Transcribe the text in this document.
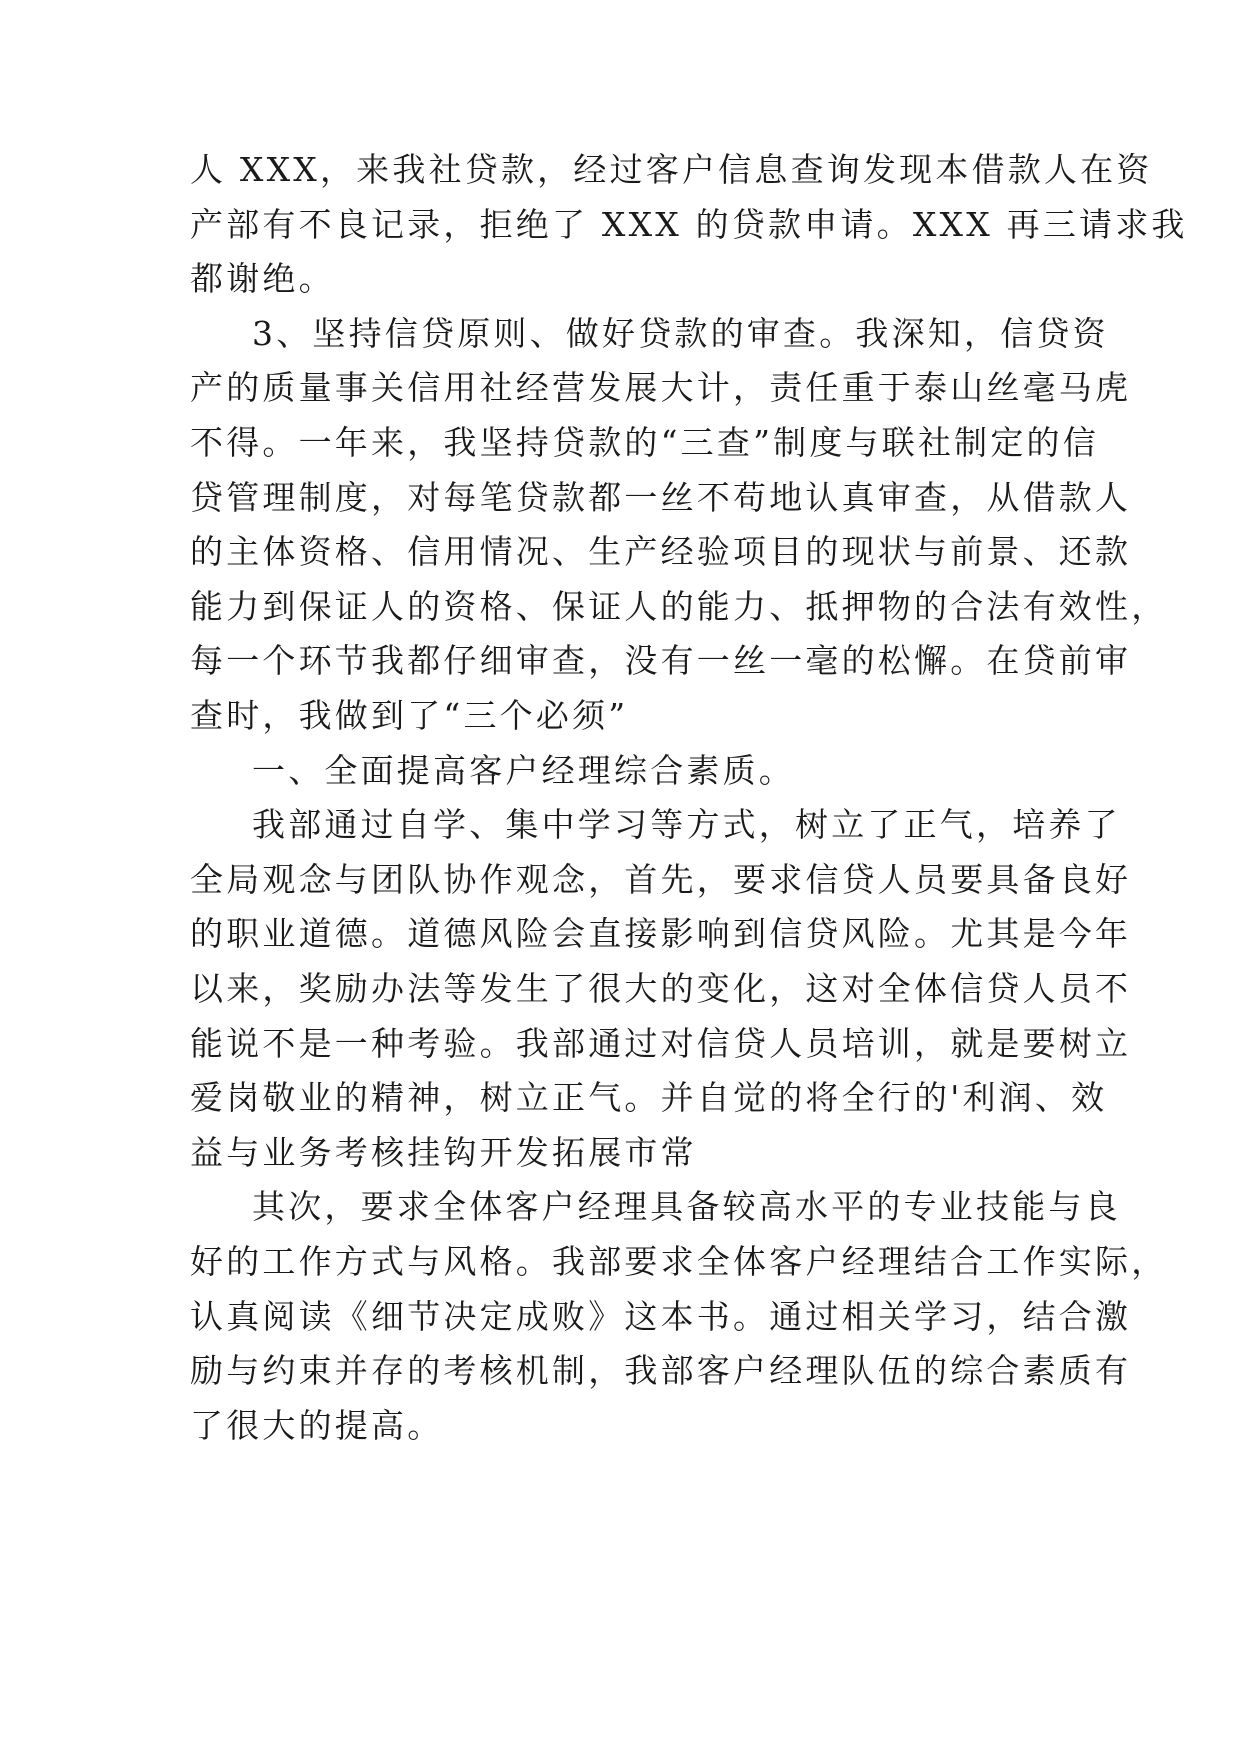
人 XXX，来我社贷款，经过客户信息查询发现本借款人在资
产部有不良记录，拒绝了 XXX 的贷款申请。XXX 再三请求我
都谢绝。
3、坚持信贷原则、做好贷款的审查。我深知，信贷资
产的质量事关信用社经营发展大计，责任重于泰山丝毫马虎
不得。一年来，我坚持贷款的“三查”制度与联社制定的信
贷管理制度，对每笔贷款都一丝不苟地认真审查，从借款人
的主体资格、信用情况、生产经验项目的现状与前景、还款
能力到保证人的资格、保证人的能力、抵押物的合法有效性，
每一个环节我都仔细审查，没有一丝一毫的松懈。在贷前审
查时，我做到了“三个必须”
一、全面提高客户经理综合素质。
我部通过自学、集中学习等方式，树立了正气，培养了
全局观念与团队协作观念，首先，要求信贷人员要具备良好
的职业道德。道德风险会直接影响到信贷风险。尤其是今年
以来，奖励办法等发生了很大的变化，这对全体信贷人员不
能说不是一种考验。我部通过对信贷人员培训，就是要树立
爱岗敬业的精神，树立正气。并自觉的将全行的'利润、效
益与业务考核挂钩开发拓展市常
其次，要求全体客户经理具备较高水平的专业技能与良
好的工作方式与风格。我部要求全体客户经理结合工作实际，
认真阅读《细节决定成败》这本书。通过相关学习，结合激
励与约束并存的考核机制，我部客户经理队伍的综合素质有
了很大的提高。
